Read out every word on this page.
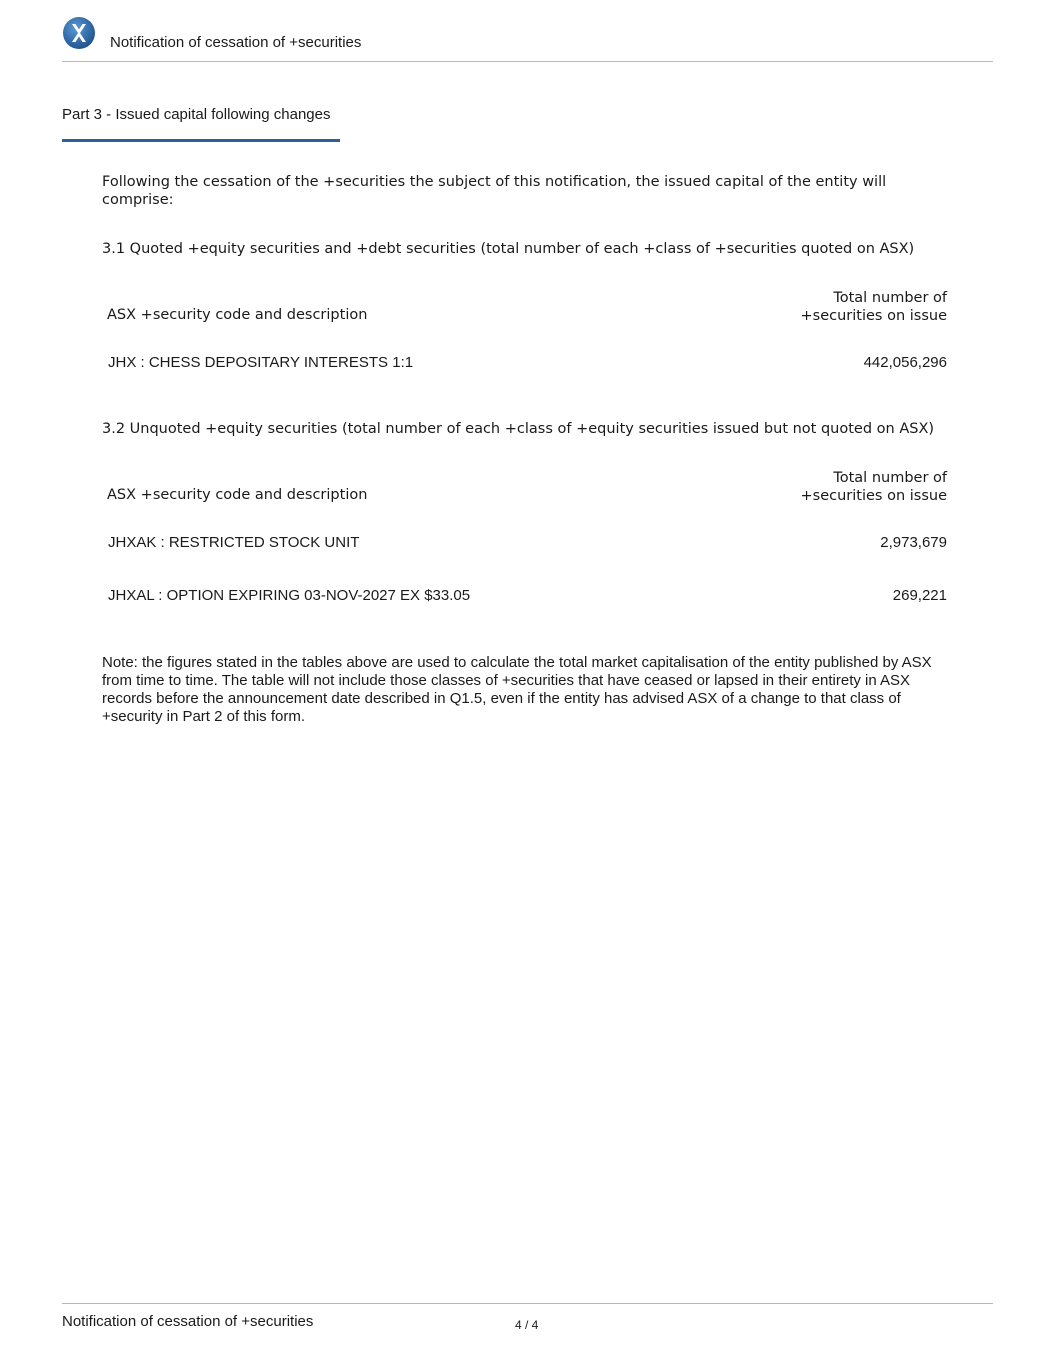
Notification of cessation of +securities
Part 3 - Issued capital following changes
Following the cessation of the +securities the subject of this notification, the issued capital of the entity will comprise:
3.1 Quoted +equity securities and +debt securities (total number of each +class of +securities quoted on ASX)
ASX +security code and description
Total number of
+securities on issue
JHX : CHESS DEPOSITARY INTERESTS 1:1	442,056,296
3.2 Unquoted +equity securities (total number of each +class of +equity securities issued but not quoted on ASX)
ASX +security code and description
Total number of
+securities on issue
JHXAK : RESTRICTED STOCK UNIT	2,973,679
JHXAL : OPTION EXPIRING 03-NOV-2027 EX $33.05	269,221
Note: the figures stated in the tables above are used to calculate the total market capitalisation of the entity published by ASX from time to time. The table will not include those classes of +securities that have ceased or lapsed in their entirety in ASX records before the announcement date described in Q1.5, even if the entity has advised ASX of a change to that class of +security in Part 2 of this form.
Notification of cessation of +securities	4 / 4
